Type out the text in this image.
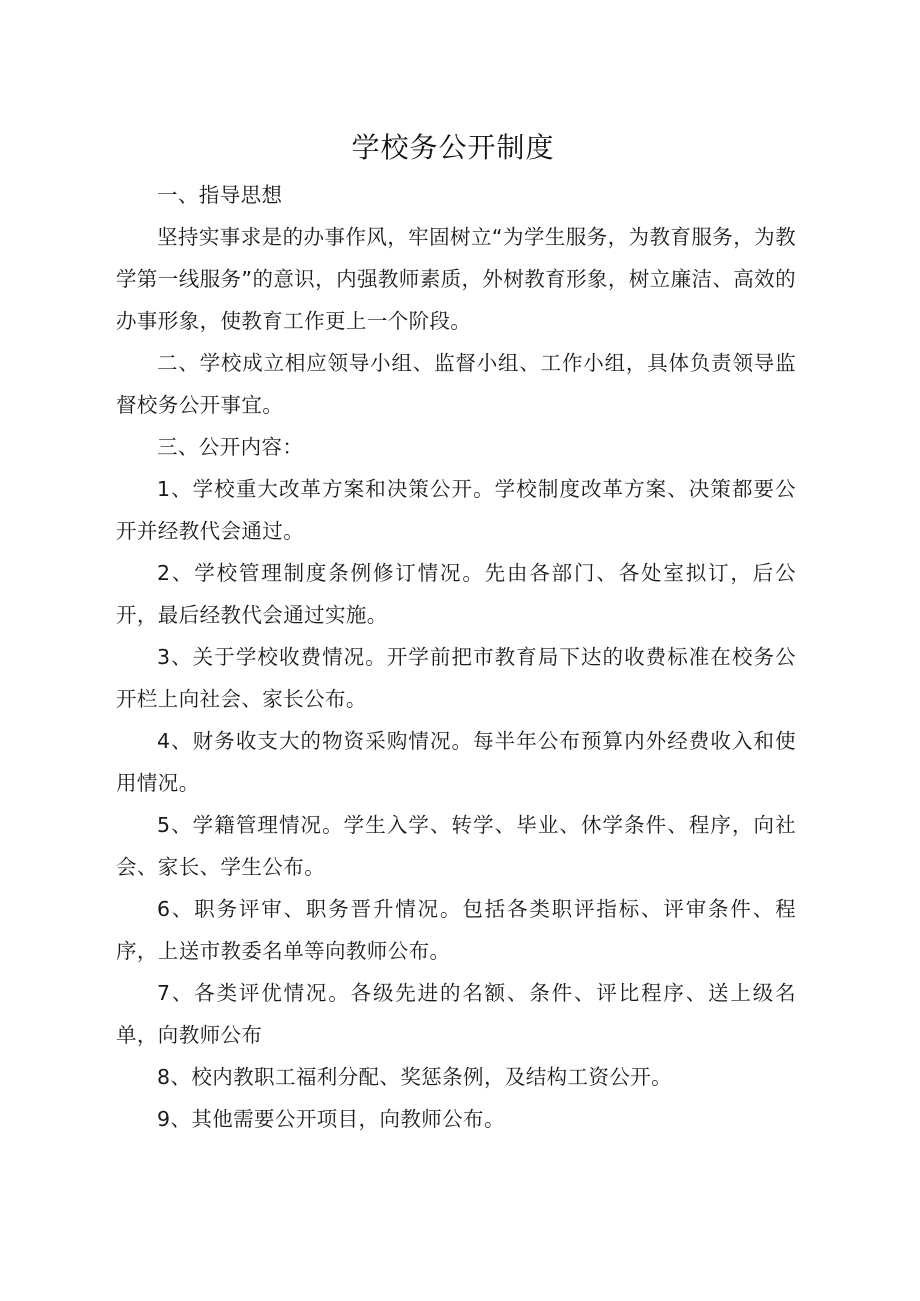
学校务公开制度

一、指导思想

坚持实事求是的办事作风，牢固树立“为学生服务，为教育服务，为教学第一线服务”的意识，内强教师素质，外树教育形象，树立廉洁、高效的办事形象，使教育工作更上一个阶段。

二、学校成立相应领导小组、监督小组、工作小组，具体负责领导监督校务公开事宜。

三、公开内容：

1、学校重大改革方案和决策公开。学校制度改革方案、决策都要公开并经教代会通过。

2、学校管理制度条例修订情况。先由各部门、各处室拟订，后公开，最后经教代会通过实施。

3、关于学校收费情况。开学前把市教育局下达的收费标准在校务公开栏上向社会、家长公布。

4、财务收支大的物资采购情况。每半年公布预算内外经费收入和使用情况。

5、学籍管理情况。学生入学、转学、毕业、休学条件、程序，向社会、家长、学生公布。

6、职务评审、职务晋升情况。包括各类职评指标、评审条件、程序，上送市教委名单等向教师公布。

7、各类评优情况。各级先进的名额、条件、评比程序、送上级名单，向教师公布

8、校内教职工福利分配、奖惩条例，及结构工资公开。

9、其他需要公开项目，向教师公布。
